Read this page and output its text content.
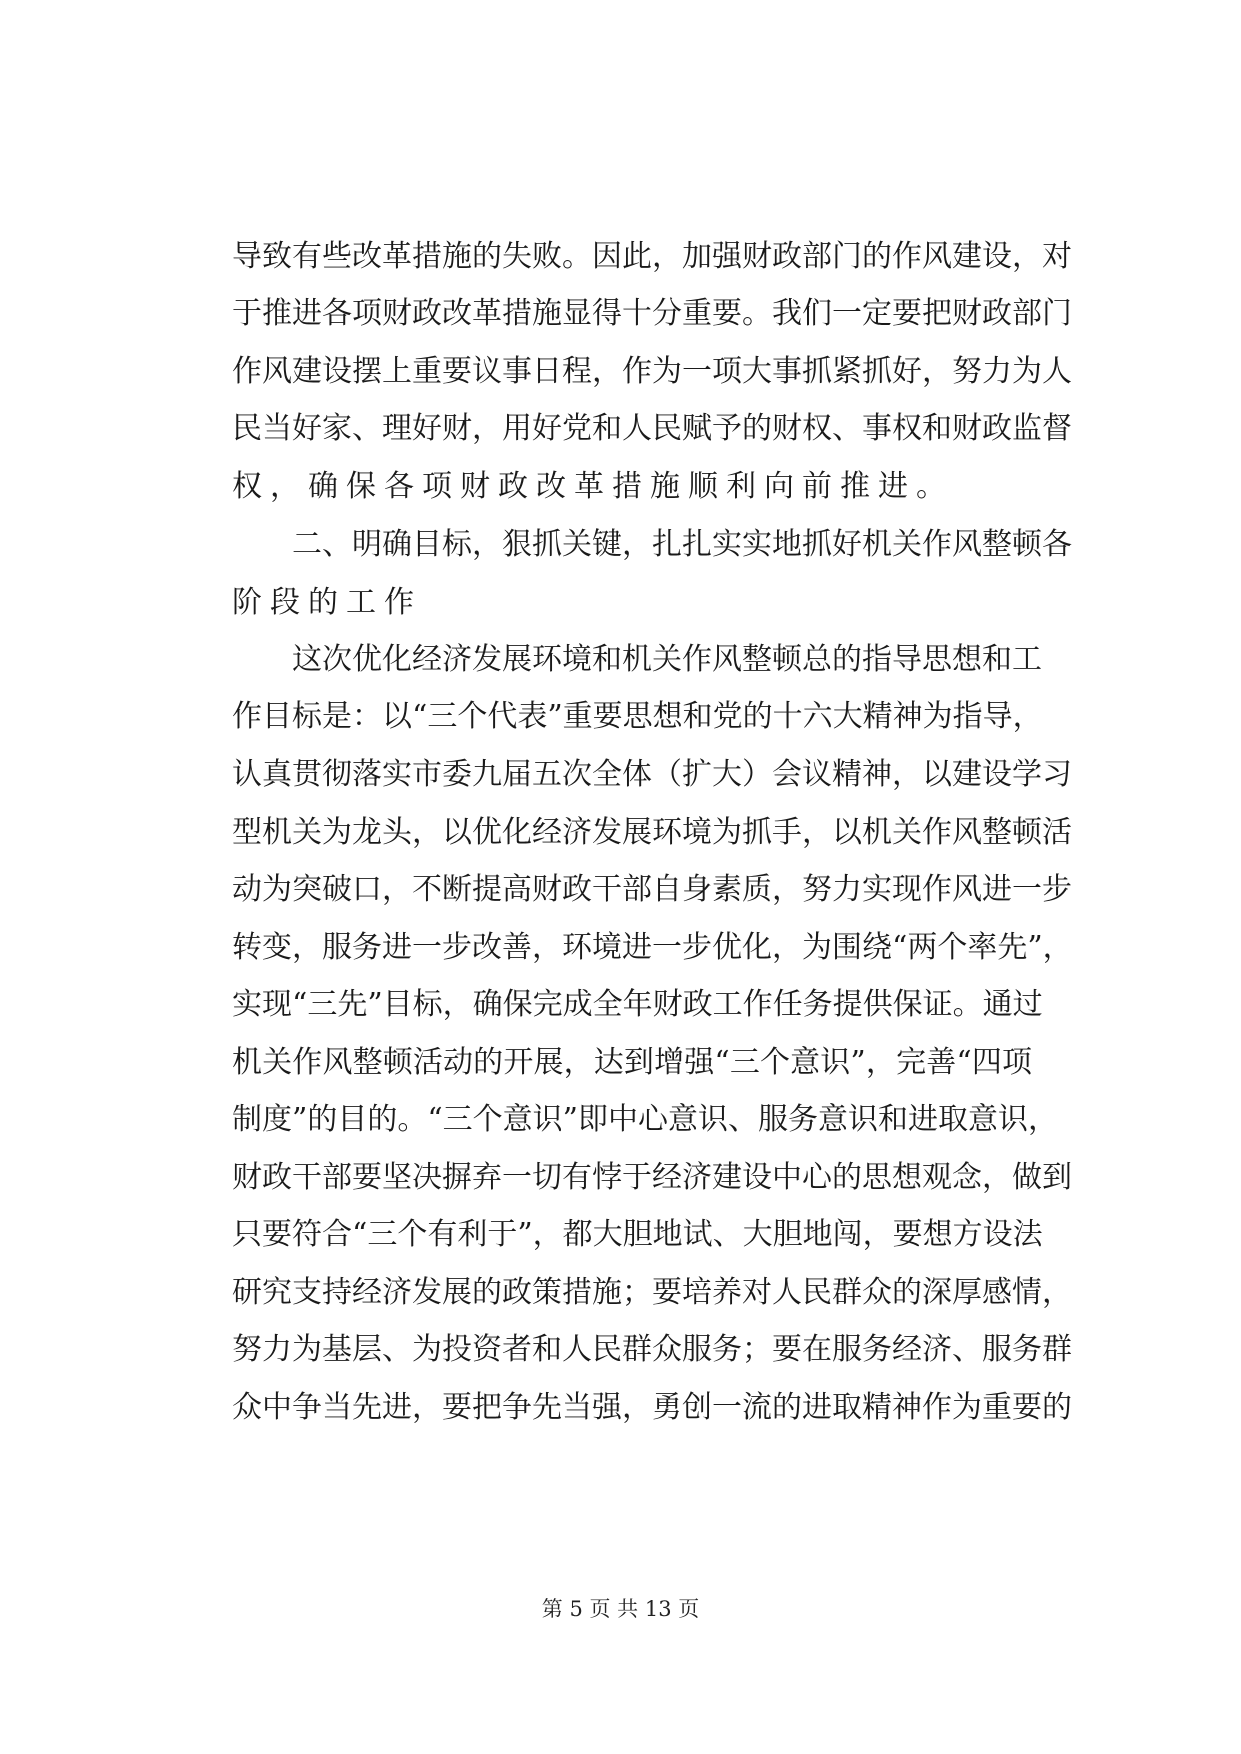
导致有些改革措施的失败。因此，加强财政部门的作风建设，对
于推进各项财政改革措施显得十分重要。我们一定要把财政部门
作风建设摆上重要议事日程，作为一项大事抓紧抓好，努力为人
民当好家、理好财，用好党和人民赋予的财权、事权和财政监督
权，确保各项财政改革措施顺利向前推进。
　　二、明确目标，狠抓关键，扎扎实实地抓好机关作风整顿各
阶段的工作
　　这次优化经济发展环境和机关作风整顿总的指导思想和工
作目标是：以“三个代表”重要思想和党的十六大精神为指导，
认真贯彻落实市委九届五次全体（扩大）会议精神，以建设学习
型机关为龙头，以优化经济发展环境为抓手，以机关作风整顿活
动为突破口，不断提高财政干部自身素质，努力实现作风进一步
转变，服务进一步改善，环境进一步优化，为围绕“两个率先”，
实现“三先”目标，确保完成全年财政工作任务提供保证。通过
机关作风整顿活动的开展，达到增强“三个意识”，完善“四项
制度”的目的。“三个意识”即中心意识、服务意识和进取意识，
财政干部要坚决摒弃一切有悖于经济建设中心的思想观念，做到
只要符合“三个有利于”，都大胆地试、大胆地闯，要想方设法
研究支持经济发展的政策措施；要培养对人民群众的深厚感情，
努力为基层、为投资者和人民群众服务；要在服务经济、服务群
众中争当先进，要把争先当强，勇创一流的进取精神作为重要的
第 5 页 共 13 页
